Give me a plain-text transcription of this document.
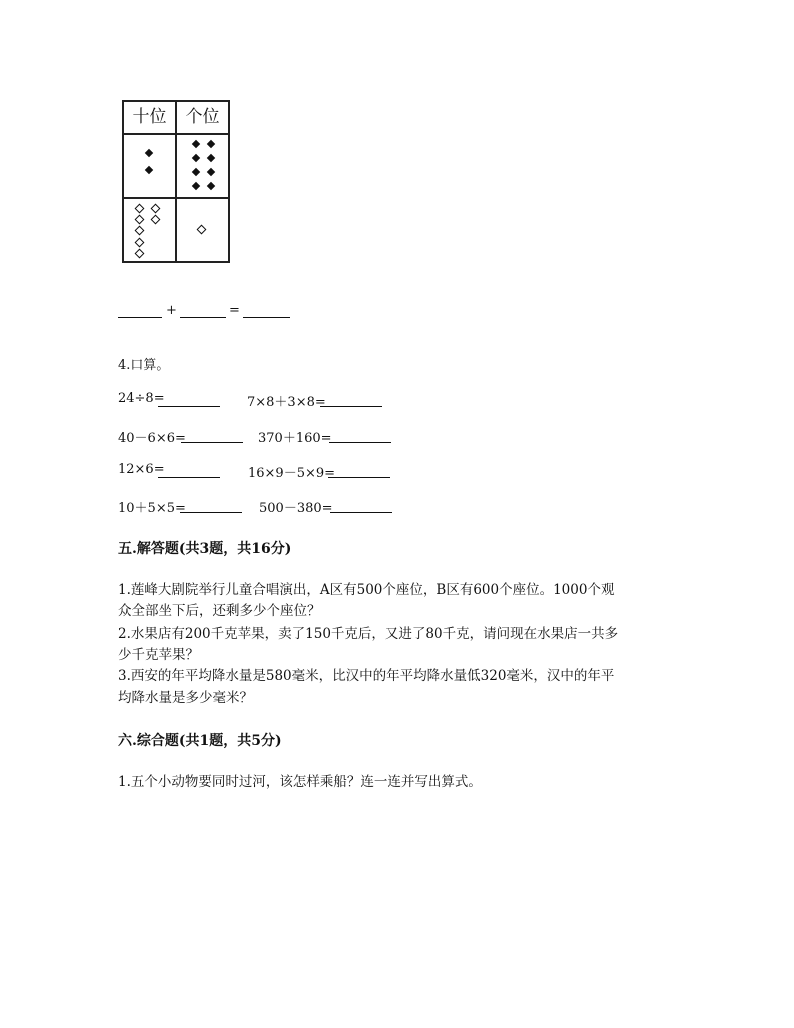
十位	个位

+	=
4.口算。
24÷8=	7×8＋3×8=
40－6×6=	370＋160=
12×6=	16×9－5×9=
10＋5×5=	500－380=
五.解答题(共3题，共16分)
1.莲峰大剧院举行儿童合唱演出，A区有500个座位，B区有600个座位。1000个观
众全部坐下后，还剩多少个座位？
2.水果店有200千克苹果，卖了150千克后，又进了80千克，请问现在水果店一共多
少千克苹果？
3.西安的年平均降水量是580毫米，比汉中的年平均降水量低320毫米，汉中的年平
均降水量是多少毫米？
六.综合题(共1题，共5分)
1.五个小动物要同时过河，该怎样乘船？连一连并写出算式。
